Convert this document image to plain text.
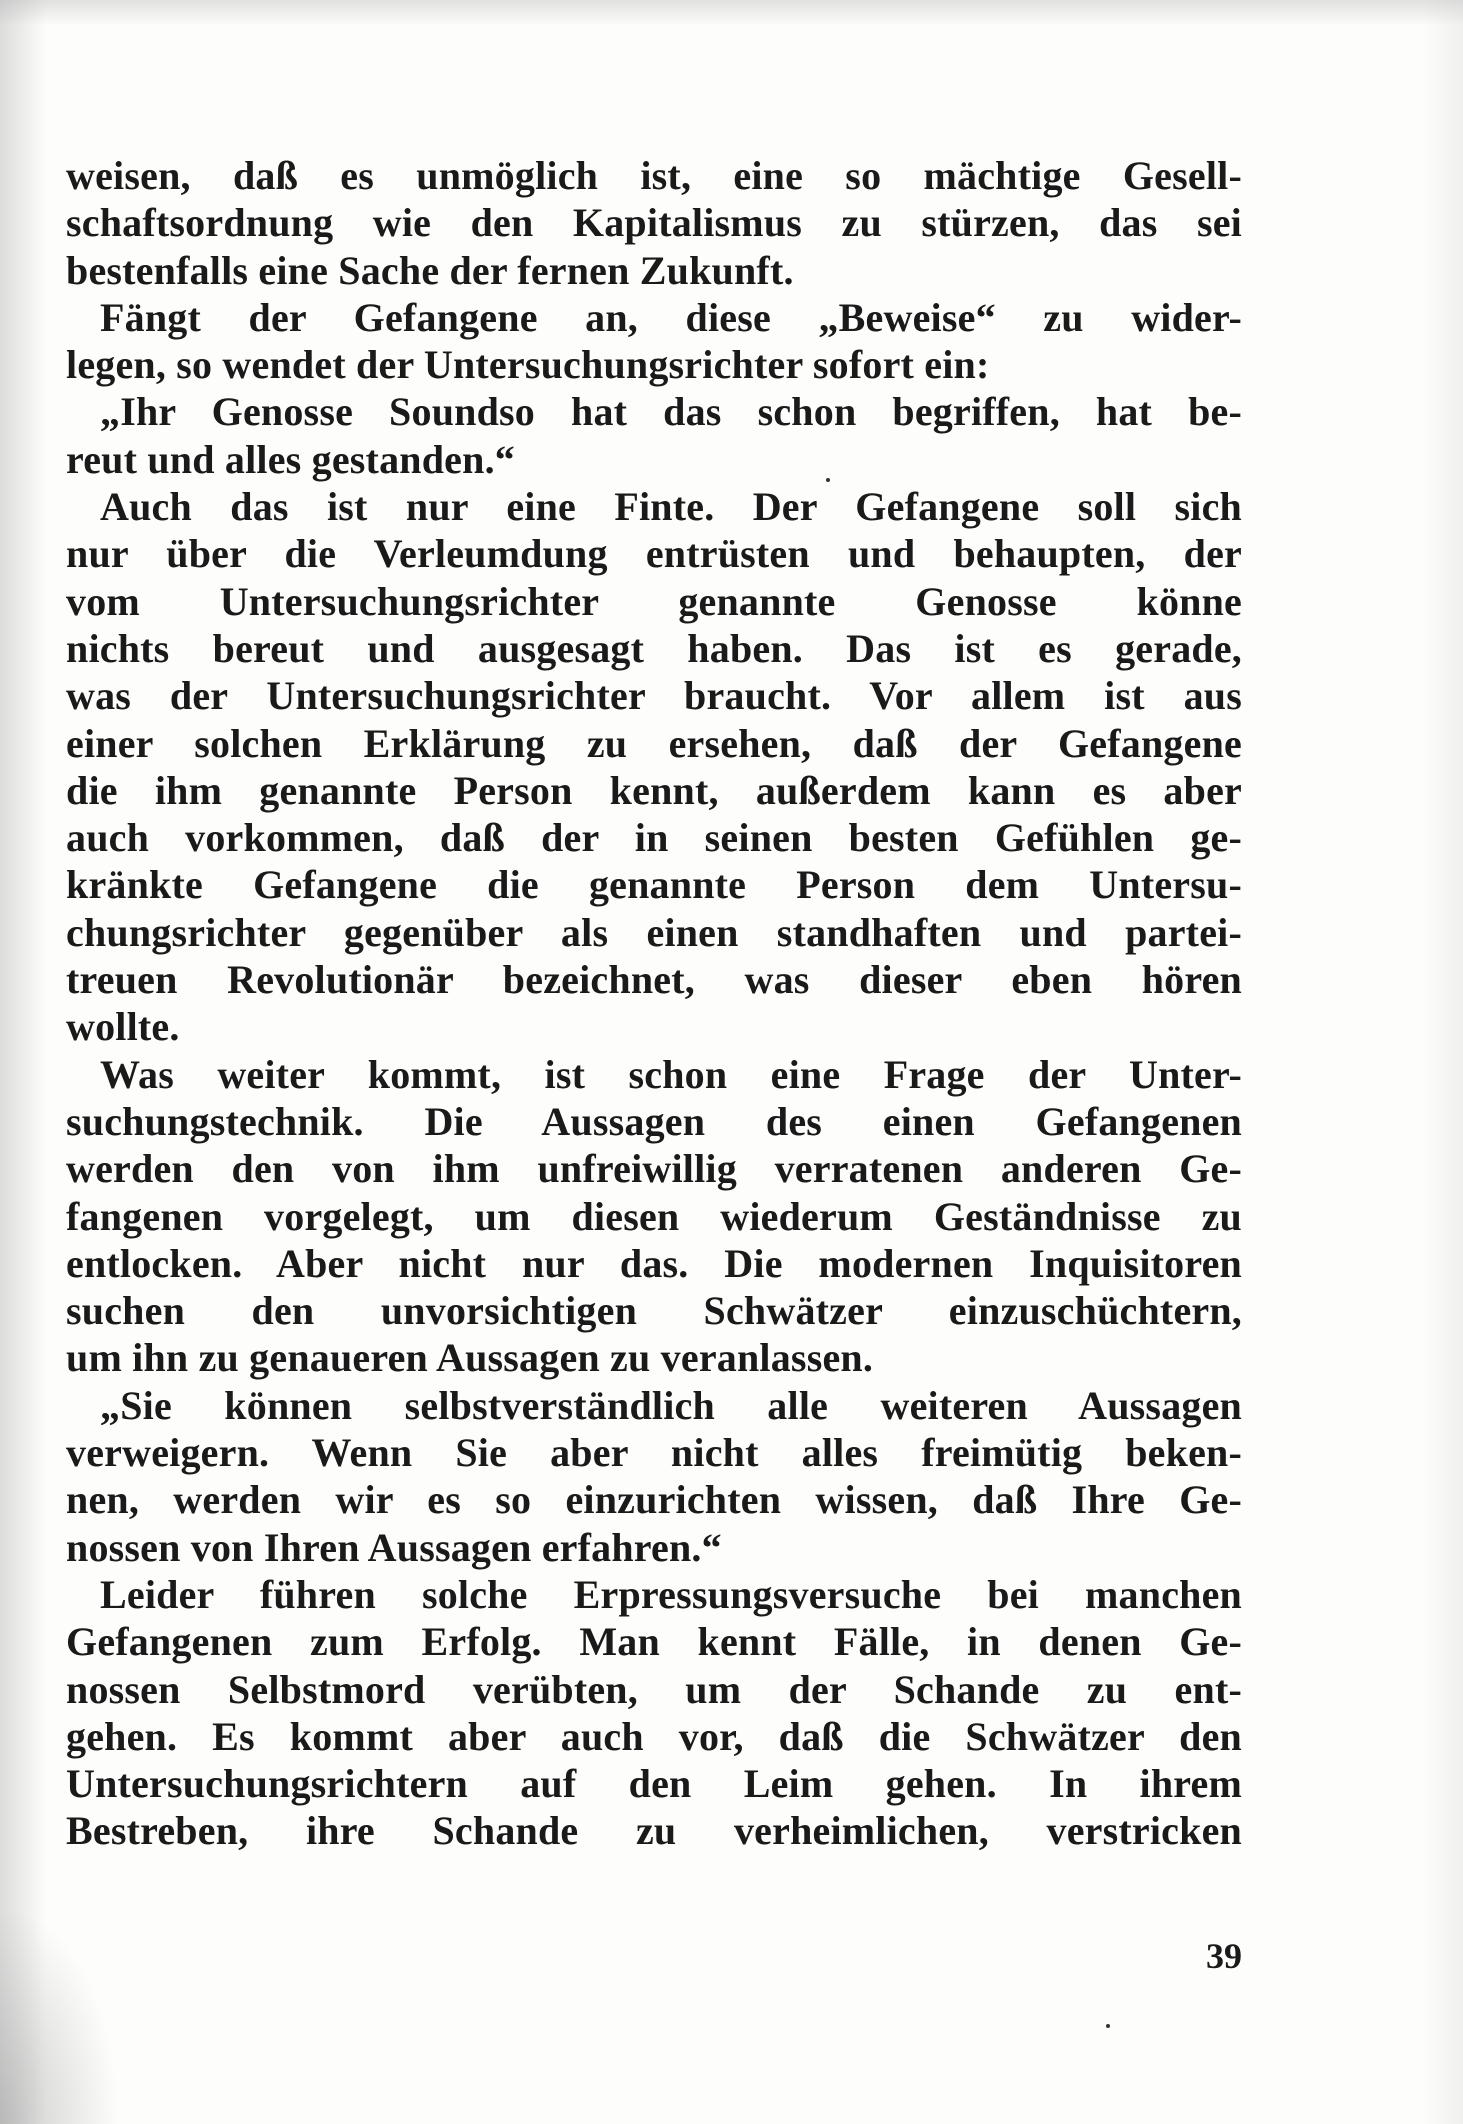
weisen, daß es unmöglich ist, eine so mächtige Gesell-
schaftsordnung wie den Kapitalismus zu stürzen, das sei
bestenfalls eine Sache der fernen Zukunft.
Fängt der Gefangene an, diese „Beweise“ zu wider-
legen, so wendet der Untersuchungsrichter sofort ein:
„Ihr Genosse Soundso hat das schon begriffen, hat be-
reut und alles gestanden.“
Auch das ist nur eine Finte. Der Gefangene soll sich
nur über die Verleumdung entrüsten und behaupten, der
vom Untersuchungsrichter genannte Genosse könne
nichts bereut und ausgesagt haben. Das ist es gerade,
was der Untersuchungsrichter braucht. Vor allem ist aus
einer solchen Erklärung zu ersehen, daß der Gefangene
die ihm genannte Person kennt, außerdem kann es aber
auch vorkommen, daß der in seinen besten Gefühlen ge-
kränkte Gefangene die genannte Person dem Untersu-
chungsrichter gegenüber als einen standhaften und partei-
treuen Revolutionär bezeichnet, was dieser eben hören
wollte.
Was weiter kommt, ist schon eine Frage der Unter-
suchungstechnik. Die Aussagen des einen Gefangenen
werden den von ihm unfreiwillig verratenen anderen Ge-
fangenen vorgelegt, um diesen wiederum Geständnisse zu
entlocken. Aber nicht nur das. Die modernen Inquisitoren
suchen den unvorsichtigen Schwätzer einzuschüchtern,
um ihn zu genaueren Aussagen zu veranlassen.
„Sie können selbstverständlich alle weiteren Aussagen
verweigern. Wenn Sie aber nicht alles freimütig beken-
nen, werden wir es so einzurichten wissen, daß Ihre Ge-
nossen von Ihren Aussagen erfahren.“
Leider führen solche Erpressungsversuche bei manchen
Gefangenen zum Erfolg. Man kennt Fälle, in denen Ge-
nossen Selbstmord verübten, um der Schande zu ent-
gehen. Es kommt aber auch vor, daß die Schwätzer den
Untersuchungsrichtern auf den Leim gehen. In ihrem
Bestreben, ihre Schande zu verheimlichen, verstricken
39
